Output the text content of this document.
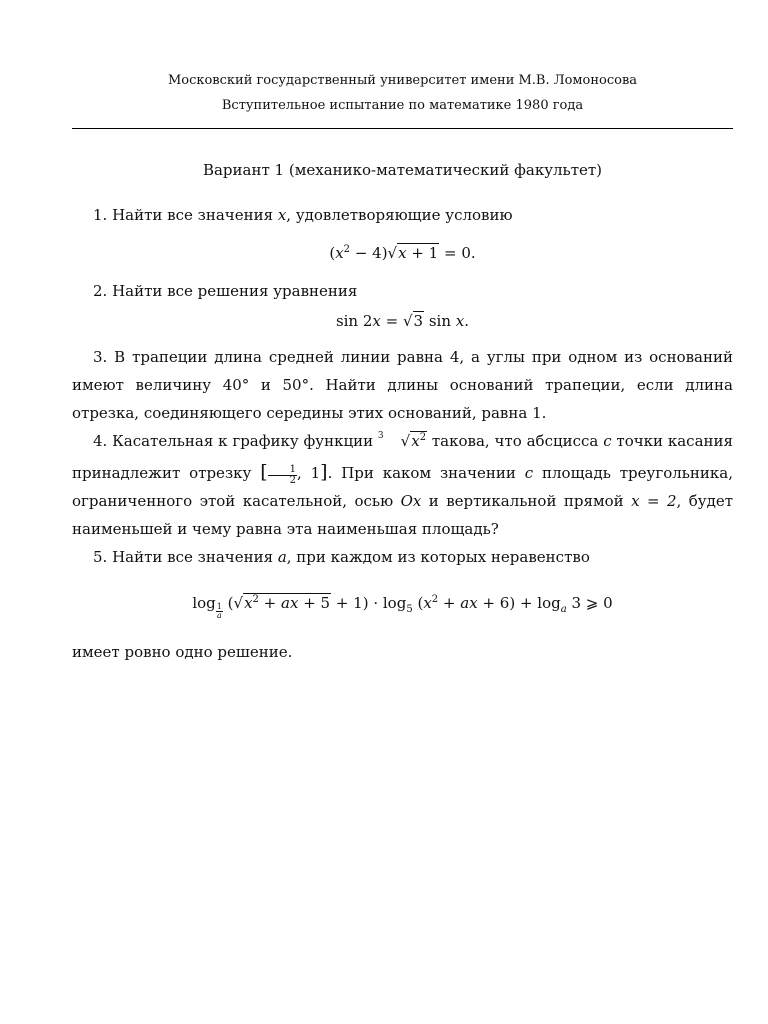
Московский государственный университет имени М.В. Ломоносова
Вступительное испытание по математике 1980 года
Вариант 1 (механико-математический факультет)

1. Найти все значения x, удовлетворяющие условию

$(x^2 - 4)√x + 1 = 0$.

2. Найти все решения уравнения

sin 2x = √3 sin x.

3. В трапеции длина средней линии равна 4, а углы при одном из оснований имеют величину 40° и 50°. Найти длины оснований трапеции, если длина отрезка, соединяющего середины этих оснований, равна 1.

4. Касательная к графику функции $^3$ $√x^2$ такова, что абсцисса c точки касания принадлежит отрезку [ $\frac{1}{2}$ , 1]. При каком значении c площадь треугольника, ограниченного этой касательной, осью Ox и вертикальной прямой x = 2, будет наименьшей и чему равна эта наименьшая площадь?

5. Найти все значения a, при каждом из которых неравенство

log $_{\frac{1}{a}}$ ($√x^2$ + ax + $5 + 1) \cdot \log_5 (x^2$ + ax + $6) + \log_a 3$ ⩾ 0

имеет ровно одно решение.
